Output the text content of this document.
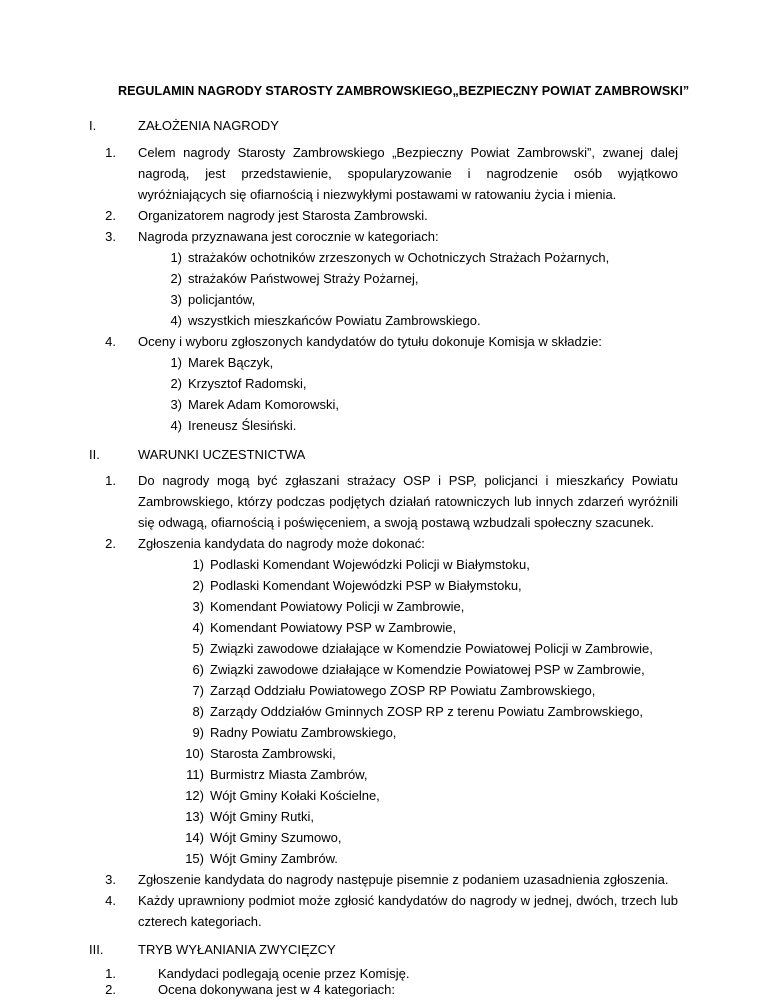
REGULAMIN NAGRODY STAROSTY ZAMBROWSKIEGO„BEZPIECZNY POWIAT ZAMBROWSKI”
I.	ZAŁOŻENIA NAGRODY
1. Celem nagrody Starosty Zambrowskiego „Bezpieczny Powiat Zambrowski”, zwanej dalej
nagrodą, jest przedstawienie, spopularyzowanie i nagrodzenie osób wyjątkowo
wyróżniających się ofiarnością i niezwykłymi postawami w ratowaniu życia i mienia.
2. Organizatorem nagrody jest Starosta Zambrowski.
3. Nagroda przyznawana jest corocznie w kategoriach:
1) strażaków ochotników zrzeszonych w Ochotniczych Strażach Pożarnych,
2) strażaków Państwowej Straży Pożarnej,
3) policjantów,
4) wszystkich mieszkańców Powiatu Zambrowskiego.
4. Oceny i wyboru zgłoszonych kandydatów do tytułu dokonuje Komisja w składzie:
1) Marek Bączyk,
2) Krzysztof Radomski,
3) Marek Adam Komorowski,
4) Ireneusz Ślesiński.
II.	WARUNKI UCZESTNICTWA
1. Do nagrody mogą być zgłaszani strażacy OSP i PSP, policjanci i mieszkańcy Powiatu
Zambrowskiego, którzy podczas podjętych działań ratowniczych lub innych zdarzeń wyróżnili
się odwagą, ofiarnością i poświęceniem, a swoją postawą wzbudzali społeczny szacunek.
2. Zgłoszenia kandydata do nagrody może dokonać:
1) Podlaski Komendant Wojewódzki Policji w Białymstoku,
2) Podlaski Komendant Wojewódzki PSP w Białymstoku,
3) Komendant Powiatowy Policji w Zambrowie,
4) Komendant Powiatowy PSP w Zambrowie,
5) Związki zawodowe działające w Komendzie Powiatowej Policji w Zambrowie,
6) Związki zawodowe działające w Komendzie Powiatowej PSP w Zambrowie,
7) Zarząd Oddziału Powiatowego ZOSP RP Powiatu Zambrowskiego,
8) Zarządy Oddziałów Gminnych ZOSP RP z terenu Powiatu Zambrowskiego,
9) Radny Powiatu Zambrowskiego,
10) Starosta Zambrowski,
11) Burmistrz Miasta Zambrów,
12) Wójt Gminy Kołaki Kościelne,
13) Wójt Gminy Rutki,
14) Wójt Gminy Szumowo,
15) Wójt Gminy Zambrów.
3. Zgłoszenie kandydata do nagrody następuje pisemnie z podaniem uzasadnienia zgłoszenia.
4. Każdy uprawniony podmiot może zgłosić kandydatów do nagrody w jednej, dwóch, trzech lub
czterech kategoriach.
III.	TRYB WYŁANIANIA ZWYCIĘZCY
1.	Kandydaci podlegają ocenie przez Komisję.
2.	Ocena dokonywana jest w 4 kategoriach:
